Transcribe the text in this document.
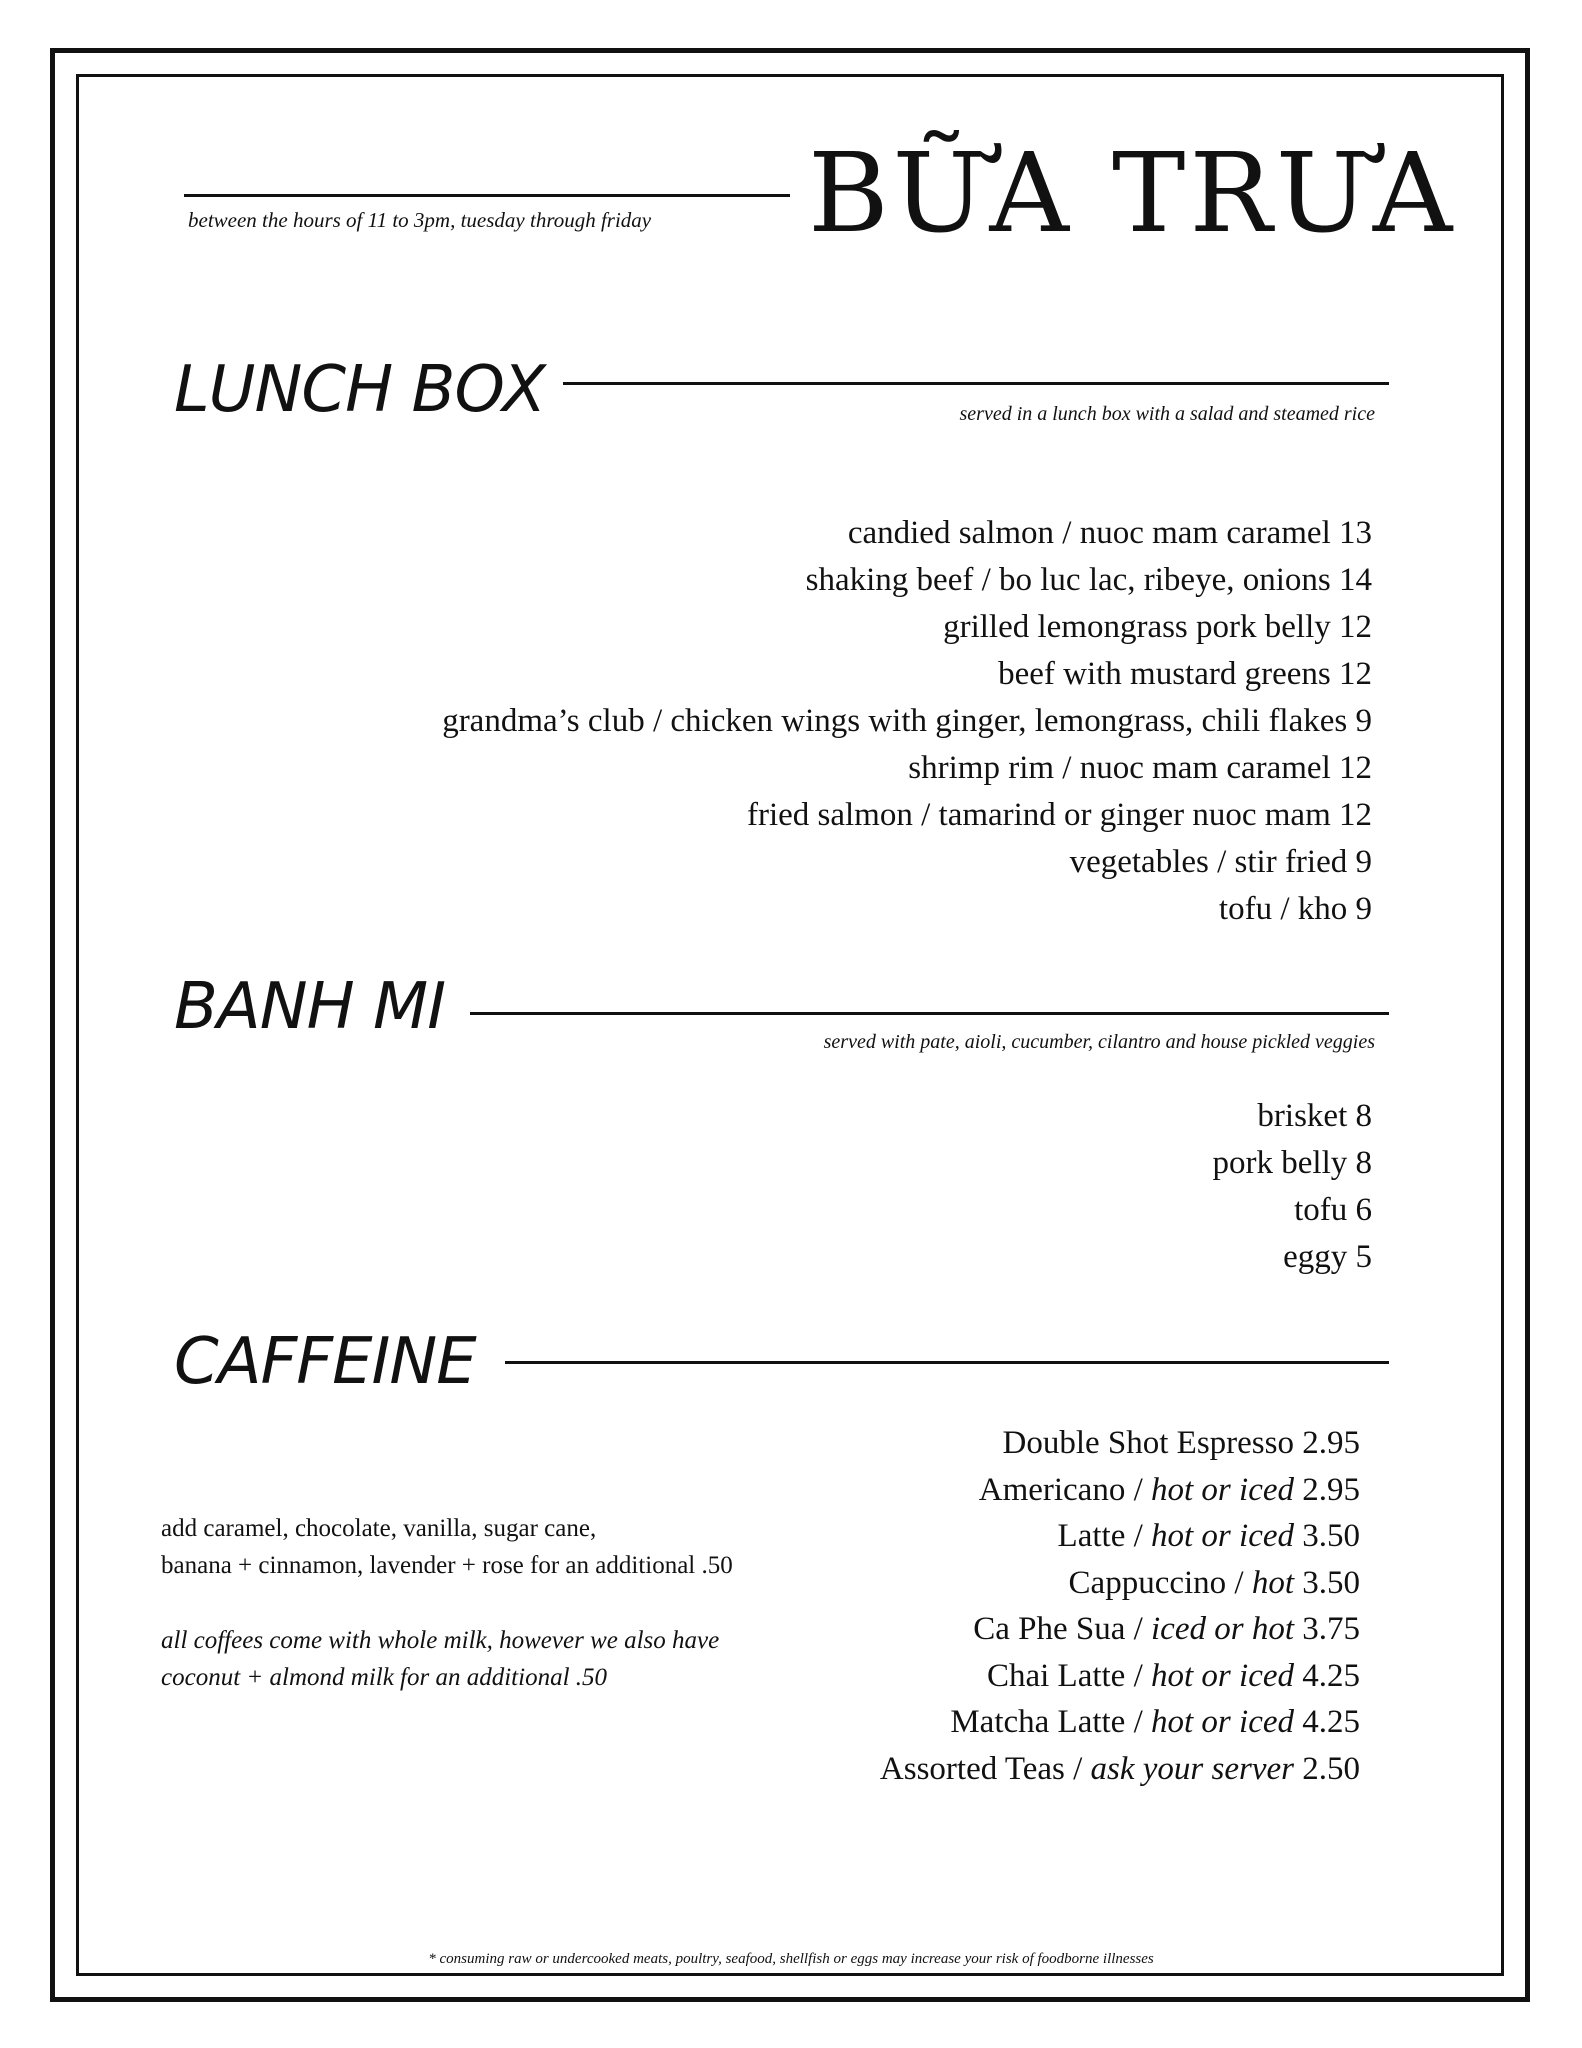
between the hours of 11 to 3pm, tuesday through friday BỮA TRƯA
LUNCH BOX	served in a lunch box with a salad and steamed rice
candied salmon / nuoc mam caramel 13
shaking beef / bo luc lac, ribeye, onions 14
grilled lemongrass pork belly 12
beef with mustard greens 12
grandma’s club / chicken wings with ginger, lemongrass, chili flakes 9
shrimp rim / nuoc mam caramel 12
fried salmon / tamarind or ginger nuoc mam 12
vegetables / stir fried 9
tofu / kho 9
BANH MI	served with pate, aioli, cucumber, cilantro and house pickled veggies
brisket 8
pork belly 8
tofu 6
eggy 5
CAFFEINE
Double Shot Espresso 2.95
Americano / hot or iced 2.95
Latte / hot or iced 3.50
Cappuccino / hot 3.50
Ca Phe Sua / iced or hot 3.75
Chai Latte / hot or iced 4.25
Matcha Latte / hot or iced 4.25
Assorted Teas / ask your server 2.50
add caramel, chocolate, vanilla, sugar cane,
banana + cinnamon, lavender + rose for an additional .50
all coffees come with whole milk, however we also have
coconut + almond milk for an additional .50
* consuming raw or undercooked meats, poultry, seafood, shellfish or eggs may increase your risk of foodborne illnesses
